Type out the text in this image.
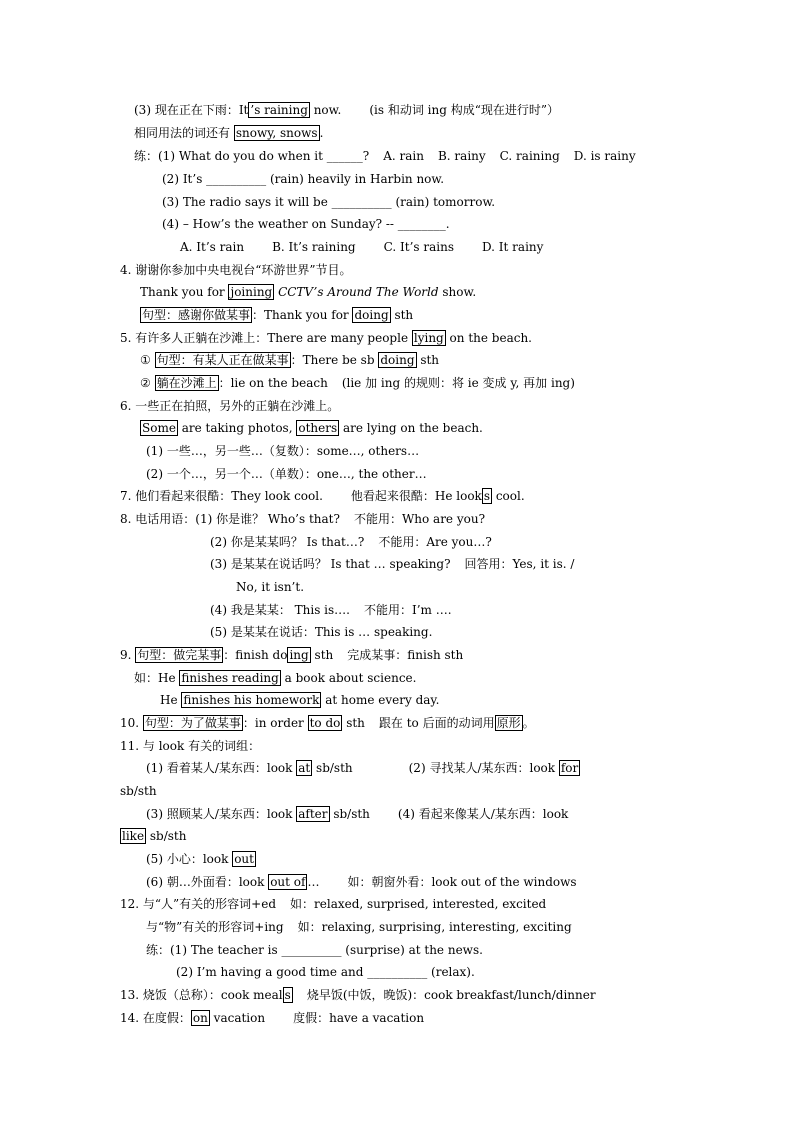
(3) 现在正在下雨：It ’s raining now. (is 和动词 ing 构成“现在进行时”）
相同用法的词还有 snowy, snows .
练：(1) What do you do when it ______? A. rain B. rainy C. raining D. is rainy
(2) It’s __________ (rain) heavily in Harbin now.
(3) The radio says it will be __________ (rain) tomorrow.
(4) – How’s the weather on Sunday? -- ________.
A. It’s rain B. It’s raining C. It’s rains D. It rainy
4. 谢谢你参加中央电视台“环游世界”节目。
Thank you for joining CCTV’s Around The World show.
句型：感谢你做某事 ：Thank you for doing sth
5. 有许多人正躺在沙滩上：There are many people lying on the beach.
① 句型：有某人正在做某事 ：There be sb doing sth
② 躺在沙滩上 ：lie on the beach (lie 加 ing 的规则：将 ie 变成 y, 再加 ing)
6. 一些正在拍照，另外的正躺在沙滩上。
Some are taking photos, others are lying on the beach.
(1) 一些…，另一些…（复数）：some…, others…
(2) 一个…，另一个…（单数）：one…, the other…
7. 他们看起来很酷：They look cool. 他看起来很酷：He look s cool.
8. 电话用语：(1) 你是谁？ Who’s that? 不能用：Who are you?
(2) 你是某某吗？ Is that…? 不能用：Are you…?
(3) 是某某在说话吗？ Is that … speaking? 回答用：Yes, it is. /
No, it isn’t.
(4) 我是某某： This is…. 不能用：I’m ….
(5) 是某某在说话：This is … speaking.
9. 句型：做完某事 ：finish do ing sth 完成某事：finish sth
如：He finishes reading a book about science.
He finishes his homework at home every day.
10. 句型：为了做某事 ：in order to do sth 跟在 to 后面的动词用 原形 。
11. 与 look 有关的词组：
(1) 看着某人/某东西：look at sb/sth	(2) 寻找某人/某东西：look for
sb/sth
(3) 照顾某人/某东西：look after sb/sth (4) 看起来像某人/某东西：look
like sb/sth
(5) 小心：look out
(6) 朝…外面看：look out of … 如：朝窗外看：look out of the windows
12. 与“人”有关的形容词+ed 如：relaxed, surprised, interested, excited
与“物”有关的形容词+ing 如：relaxing, surprising, interesting, exciting
练：(1) The teacher is __________ (surprise) at the news.
(2) I’m having a good time and __________ (relax).
13. 烧饭（总称）：cook meal s 烧早饭(中饭，晚饭)：cook breakfast/lunch/dinner
14. 在度假： on vacation 度假：have a vacation
